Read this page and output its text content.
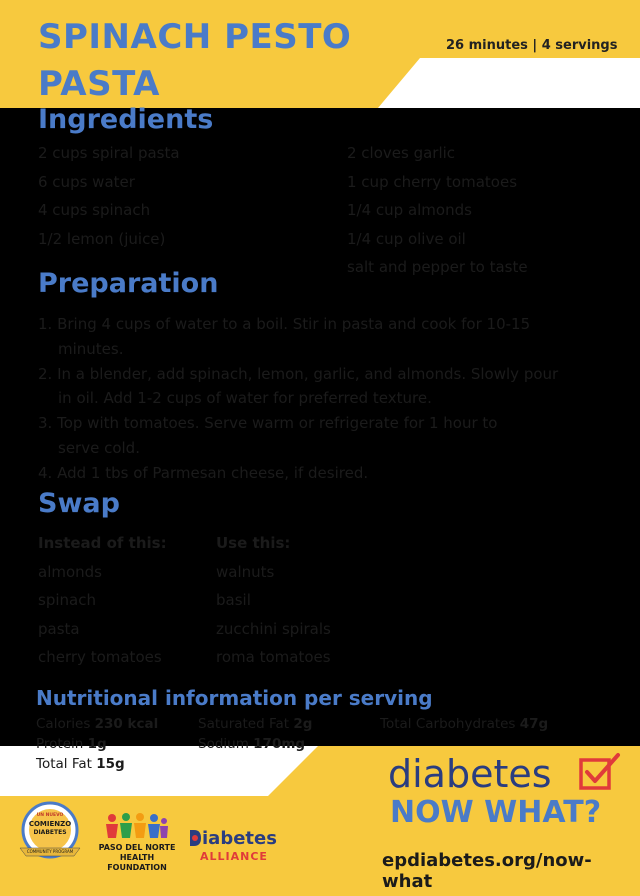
SPINACH PESTO
PASTA
26 minutes | 4 servings
Ingredients
2 cups spiral pasta
6 cups water
4 cups spinach
1/2 lemon (juice)
2 cloves garlic
1 cup cherry tomatoes
1/4 cup almonds
1/4 cup olive oil
salt and pepper to taste
Preparation
1. Bring 4 cups of water to a boil. Stir in pasta and cook for 10-15
minutes.
2. In a blender, add spinach, lemon, garlic, and almonds. Slowly pour
in oil. Add 1-2 cups of water for preferred texture.
3. Top with tomatoes. Serve warm or refrigerate for 1 hour to
serve cold.
4. Add 1 tbs of Parmesan cheese, if desired.
Swap
Instead of this:
almonds
spinach
pasta
cherry tomatoes
Use this:
walnuts
basil
zucchini spirals
roma tomatoes
Nutritional information per serving
Calories 230 kcal
Protein 1g
Total Fat 15g
Saturated Fat 2g
Sodium 170mg
Total Carbohydrates 47g
diabetes
NOW WHAT?
epdiabetes.org/now-what
UN NUEVO
COMIENZO
DIABETES
COMMUNITY PROGRAM	PASO DEL NORTE
HEALTH FOUNDATION
iabetes
ALLIANCE
